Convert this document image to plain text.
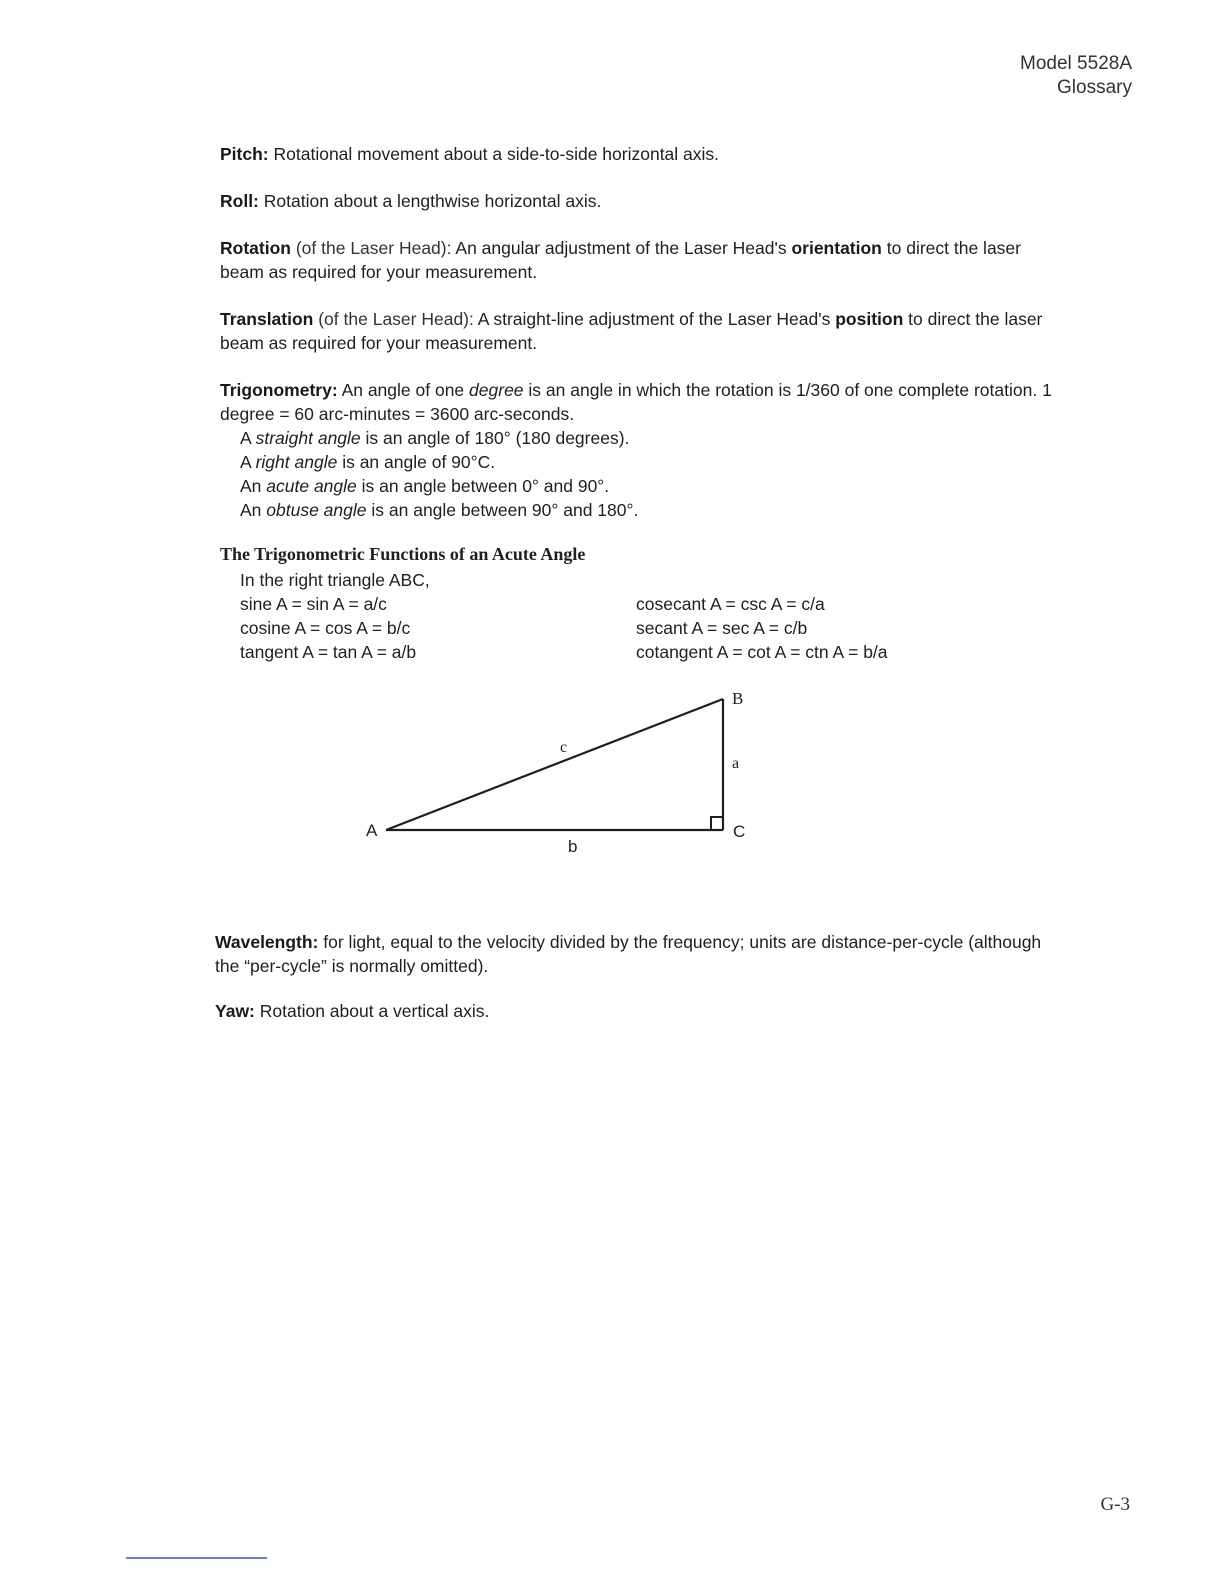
Model 5528A
Glossary
Pitch: Rotational movement about a side-to-side horizontal axis.
Roll: Rotation about a lengthwise horizontal axis.
Rotation (of the Laser Head): An angular adjustment of the Laser Head's orientation to direct the laser beam as required for your measurement.
Translation (of the Laser Head): A straight-line adjustment of the Laser Head's position to direct the laser beam as required for your measurement.
Trigonometry: An angle of one degree is an angle in which the rotation is 1/360 of one complete rotation. 1 degree = 60 arc-minutes = 3600 arc-seconds.
A straight angle is an angle of 180° (180 degrees).
A right angle is an angle of 90°C.
An acute angle is an angle between 0° and 90°.
An obtuse angle is an angle between 90° and 180°.
The Trigonometric Functions of an Acute Angle
In the right triangle ABC,
sine A = sin A = a/c
cosine A = cos A = b/c
tangent A = tan A = a/b
cosecant A = csc A = c/a
secant A = sec A = c/b
cotangent A = cot A = ctn A = b/a
A
B
C
a
b
c
Wavelength: for light, equal to the velocity divided by the frequency; units are distance-per-cycle (although the “per-cycle” is normally omitted).
Yaw: Rotation about a vertical axis.
G-3
